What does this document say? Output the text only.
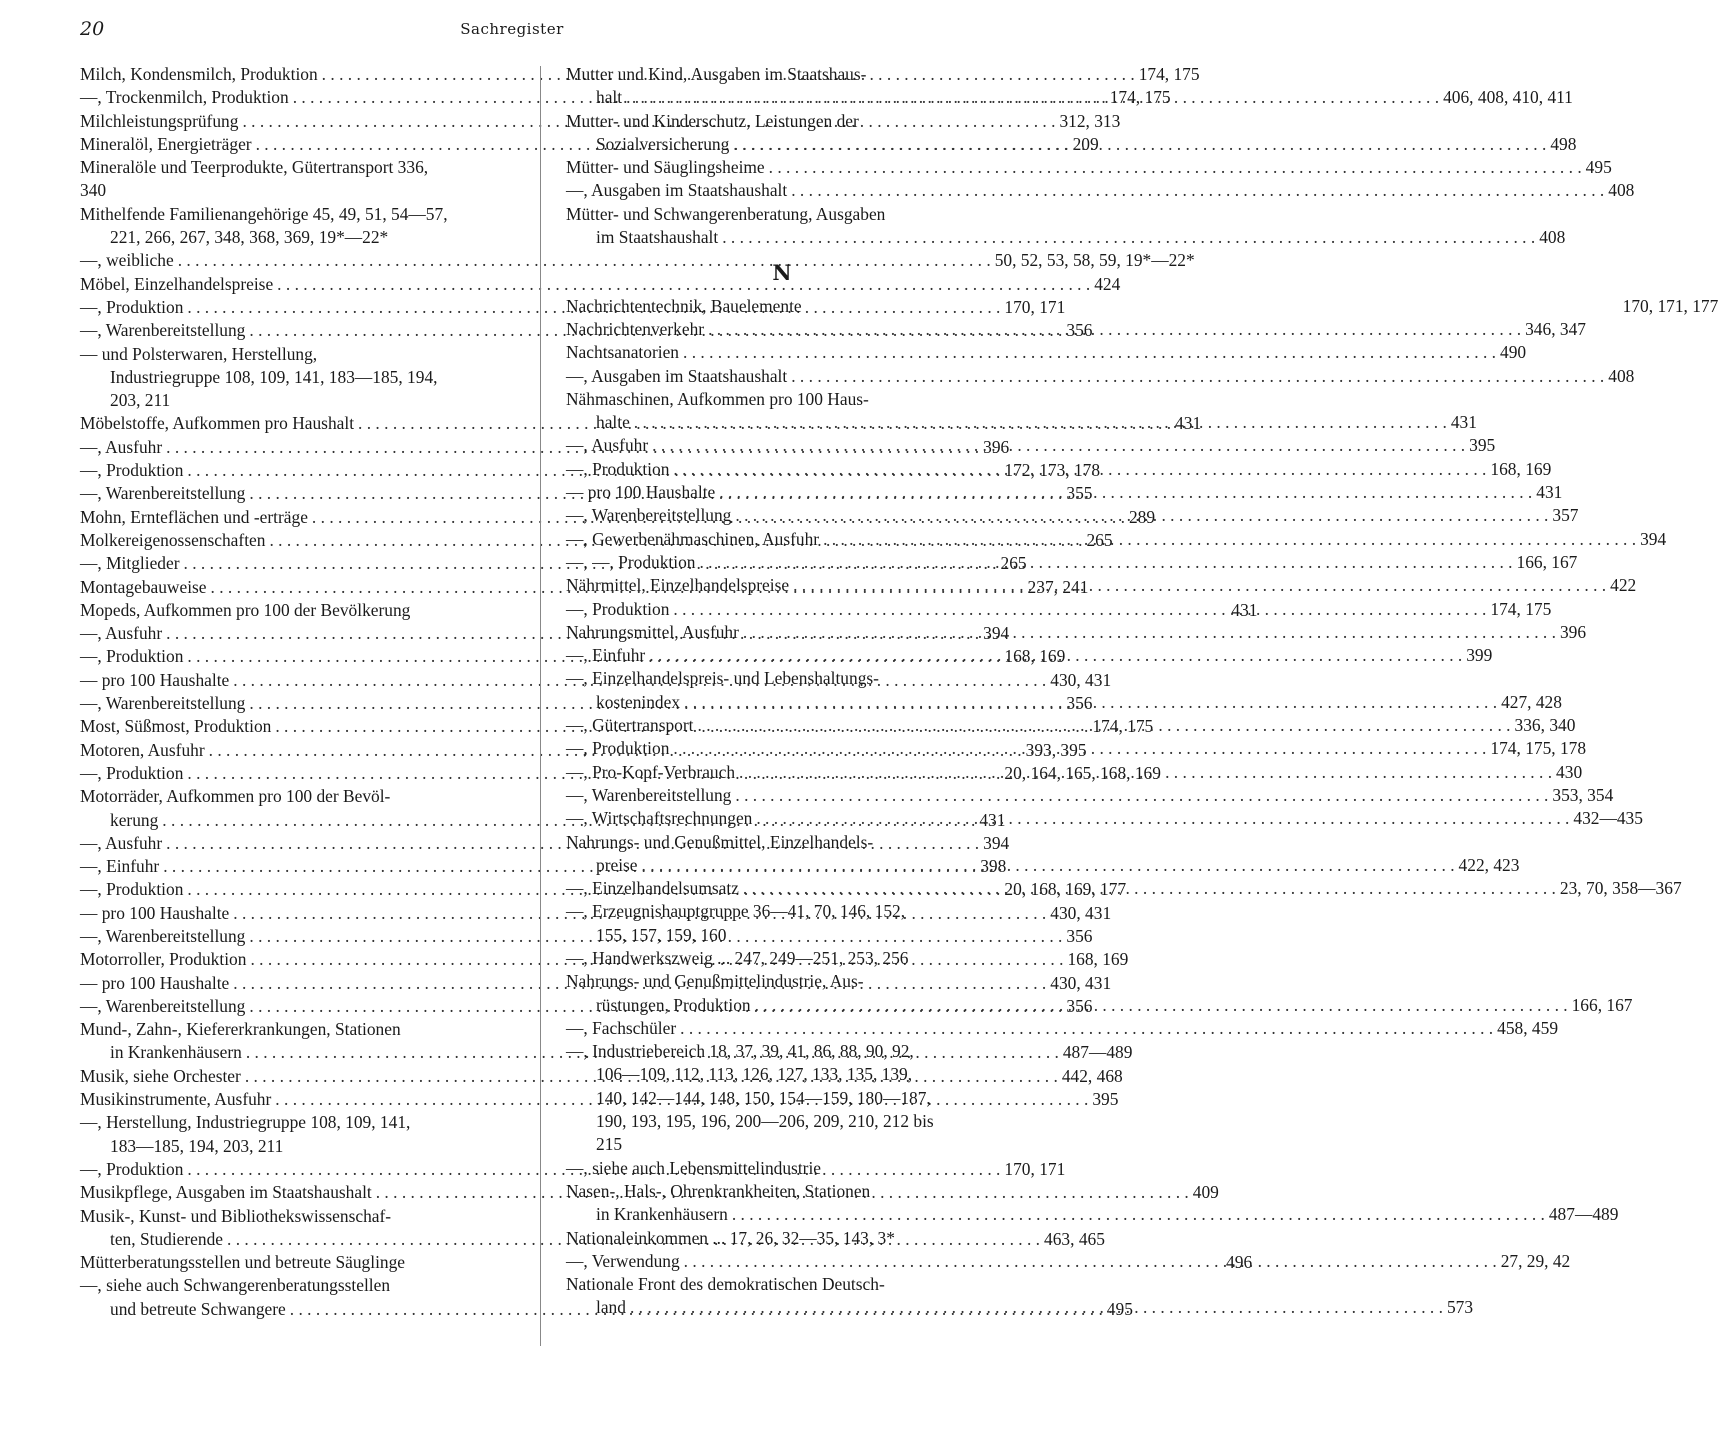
20	Sachregister
Milch, Kondensmilch, Produktion . . .	174, 175
—, Trockenmilch, Produktion . . .	174, 175
Milchleistungsprüfung . . .	312, 313
Mineralöl, Energieträger . . .	209
Mineralöle und Teerprodukte, Gütertransport 336,
340
Mithelfende Familienangehörige 45, 49, 51, 54—57,
221, 266, 267, 348, 368, 369, 19*—22*
—, weibliche . . .	50, 52, 53, 58, 59, 19*—22*
Möbel, Einzelhandelspreise . . .	424
—, Produktion . . .	170, 171
—, Warenbereitstellung . . .	356
— und Polsterwaren, Herstellung,
Industriegruppe 108, 109, 141, 183—185, 194,
203, 211
Möbelstoffe, Aufkommen pro Haushalt . . .	431
—, Ausfuhr . . .	396
—, Produktion . . .	172, 173, 178
—, Warenbereitstellung . . .	355
Mohn, Ernteflächen und -erträge . . .	289
Molkereigenossenschaften . . .	265
—, Mitglieder . . .	265
Montagebauweise . . .	237, 241
Mopeds, Aufkommen pro 100 der Bevölkerung	431
—, Ausfuhr . . .	394
—, Produktion . . .	168, 169
— pro 100 Haushalte . . .	430, 431
—, Warenbereitstellung . . .	356
Most, Süßmost, Produktion . . .	174, 175
Motoren, Ausfuhr . . .	393, 395
—, Produktion . . .	20, 164, 165, 168, 169
Motorräder, Aufkommen pro 100 der Bevöl-
kerung . . .	431
—, Ausfuhr . . .	394
—, Einfuhr . . .	398
—, Produktion . . .	20, 168, 169, 177
— pro 100 Haushalte . . .	430, 431
—, Warenbereitstellung . . .	356
Motorroller, Produktion . . .	168, 169
— pro 100 Haushalte . . .	430, 431
—, Warenbereitstellung . . .	356
Mund-, Zahn-, Kiefererkrankungen, Stationen
in Krankenhäusern . . .	487—489
Musik, siehe Orchester . . .	442, 468
Musikinstrumente, Ausfuhr . . .	395
—, Herstellung, Industriegruppe 108, 109, 141,
183—185, 194, 203, 211
—, Produktion . . .	170, 171
Musikpflege, Ausgaben im Staatshaushalt . . .	409
Musik-, Kunst- und Bibliothekswissenschaf-
ten, Studierende . . .	463, 465
Mütterberatungsstellen und betreute Säuglinge	496
—, siehe auch Schwangerenberatungsstellen
und betreute Schwangere . . .	495
Mutter und Kind, Ausgaben im Staatshaus-
halt . . .	406, 408, 410, 411
Mutter- und Kinderschutz, Leistungen der
Sozialversicherung . . .	498
Mütter- und Säuglingsheime . . .	495
—, Ausgaben im Staatshaushalt . . .	408
Mütter- und Schwangerenberatung, Ausgaben
im Staatshaushalt . . .	408
N
Nachrichtentechnik, Bauelemente	170, 171, 177
Nachrichtenverkehr . . .	346, 347
Nachtsanatorien . . .	490
—, Ausgaben im Staatshaushalt . . .	408
Nähmaschinen, Aufkommen pro 100 Haus-
halte . . .	431
—, Ausfuhr . . .	395
—, Produktion . . .	168, 169
— pro 100 Haushalte . . .	431
—, Warenbereitstellung . . .	357
—, Gewerbenähmaschinen, Ausfuhr . . .	394
—, —, Produktion . . .	166, 167
Nährmittel, Einzelhandelspreise . . .	422
—, Produktion . . .	174, 175
Nahrungsmittel, Ausfuhr . . .	396
—, Einfuhr . . .	399
—, Einzelhandelspreis- und Lebenshaltungs-
kostenindex . . .	427, 428
—, Gütertransport . . .	336, 340
—, Produktion . . .	174, 175, 178
—, Pro-Kopf-Verbrauch . . .	430
—, Warenbereitstellung . . .	353, 354
—, Wirtschaftsrechnungen . . .	432—435
Nahrungs- und Genußmittel, Einzelhandels-
preise . . .	422, 423
—, Einzelhandelsumsatz . . .	23, 70, 358—367
—, Erzeugnishauptgruppe 36—41, 70, 146, 152,
155, 157, 159, 160
—, Handwerkszweig ... 247, 249—251, 253, 256
Nahrungs- und Genußmittelindustrie, Aus-
rüstungen, Produktion . . .	166, 167
—, Fachschüler . . .	458, 459
—, Industriebereich 18, 37, 39, 41, 86, 88, 90, 92,
106—109, 112, 113, 126, 127, 133, 135, 139,
140, 142—144, 148, 150, 154—159, 180—187,
190, 193, 195, 196, 200—206, 209, 210, 212 bis
215
—, siehe auch Lebensmittelindustrie
Nasen-, Hals-, Ohrenkrankheiten, Stationen
in Krankenhäusern . . .	487—489
Nationaleinkommen ... 17, 26, 32—35, 143, 3*
—, Verwendung . . .	27, 29, 42
Nationale Front des demokratischen Deutsch-
land . . .	573
